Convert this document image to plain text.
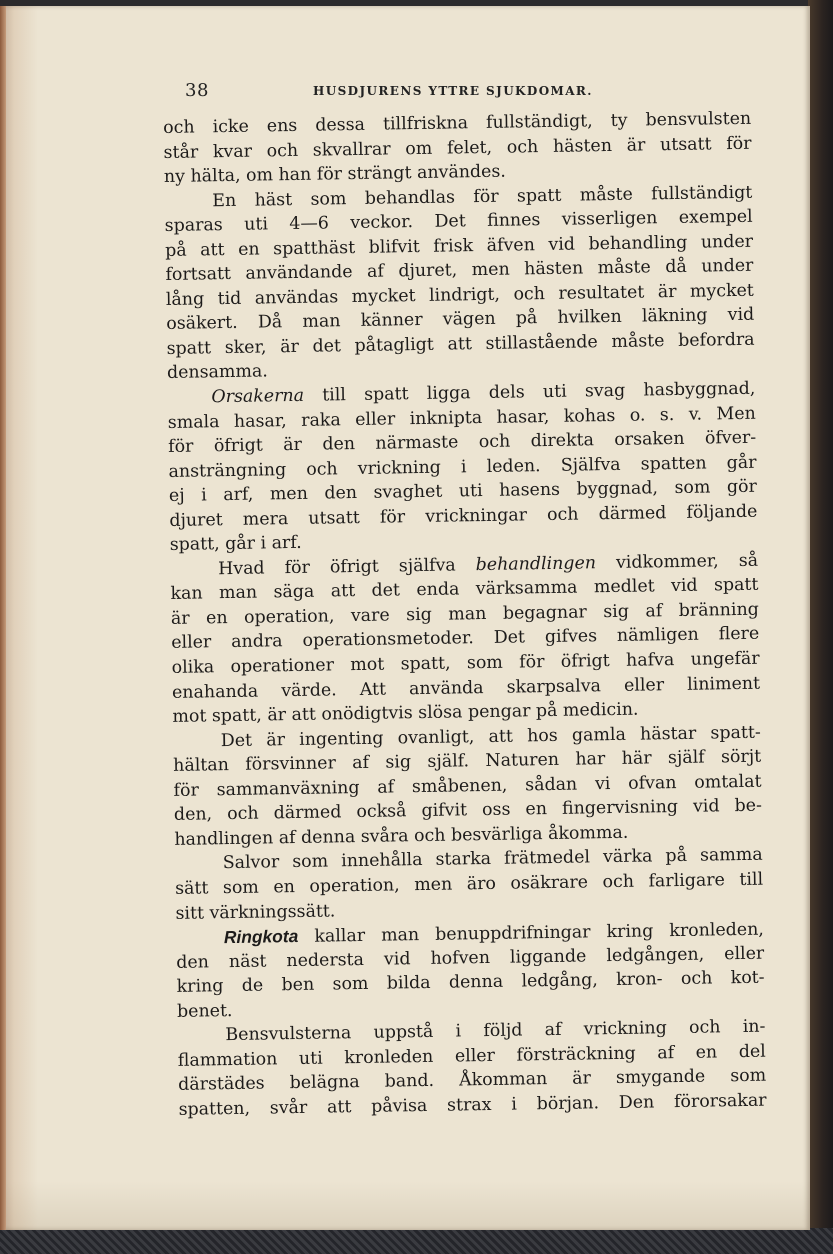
38	HUSDJURENS YTTRE SJUKDOMAR.
och icke ens dessa tillfriskna fullständigt, ty bensvulsten
står kvar och skvallrar om felet, och hästen är utsatt för
ny hälta, om han för strängt användes.
En häst som behandlas för spatt måste fullständigt
sparas uti 4—6 veckor. Det finnes visserligen exempel
på att en spatthäst blifvit frisk äfven vid behandling under
fortsatt användande af djuret, men hästen måste då under
lång tid användas mycket lindrigt, och resultatet är mycket
osäkert. Då man känner vägen på hvilken läkning vid
spatt sker, är det påtagligt att stillastående måste befordra
densamma.
Orsakerna till spatt ligga dels uti svag hasbyggnad,
smala hasar, raka eller inknipta hasar, kohas o. s. v. Men
för öfrigt är den närmaste och direkta orsaken öfver-
ansträngning och vrickning i leden. Själfva spatten går
ej i arf, men den svaghet uti hasens byggnad, som gör
djuret mera utsatt för vrickningar och därmed följande
spatt, går i arf.
Hvad för öfrigt själfva behandlingen vidkommer, så
kan man säga att det enda värksamma medlet vid spatt
är en operation, vare sig man begagnar sig af bränning
eller andra operationsmetoder. Det gifves nämligen flere
olika operationer mot spatt, som för öfrigt hafva ungefär
enahanda värde. Att använda skarpsalva eller liniment
mot spatt, är att onödigtvis slösa pengar på medicin.
Det är ingenting ovanligt, att hos gamla hästar spatt-
hältan försvinner af sig själf. Naturen har här själf sörjt
för sammanväxning af småbenen, sådan vi ofvan omtalat
den, och därmed också gifvit oss en fingervisning vid be-
handlingen af denna svåra och besvärliga åkomma.
Salvor som innehålla starka frätmedel värka på samma
sätt som en operation, men äro osäkrare och farligare till
sitt värkningssätt.
Ringkota kallar man benuppdrifningar kring kronleden,
den näst nedersta vid hofven liggande ledgången, eller
kring de ben som bilda denna ledgång, kron- och kot-
benet.
Bensvulsterna uppstå i följd af vrickning och in-
flammation uti kronleden eller försträckning af en del
därstädes belägna band. Åkomman är smygande som
spatten, svår att påvisa strax i början. Den förorsakar
